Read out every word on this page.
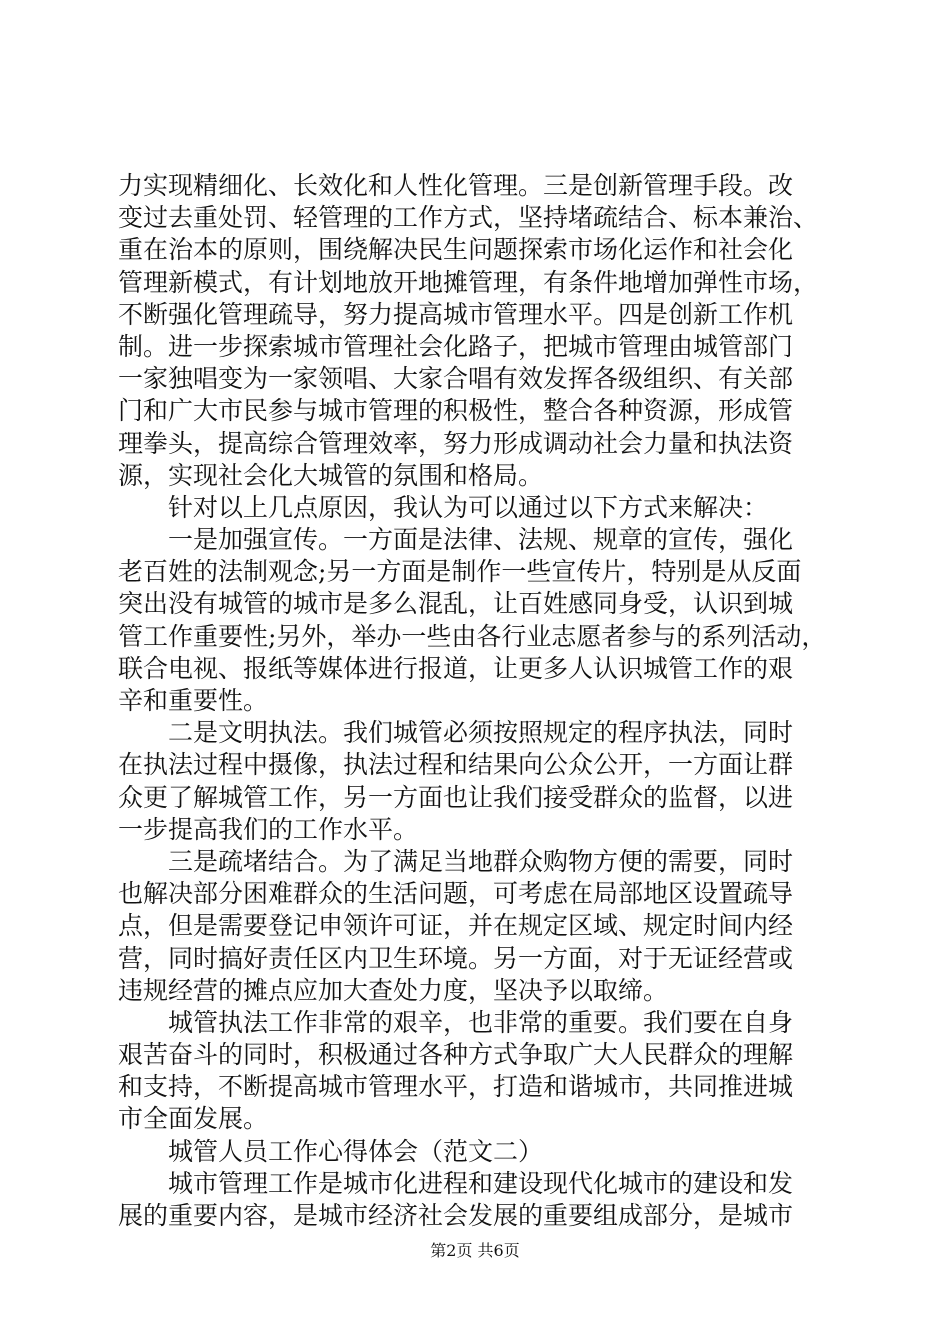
力实现精细化、长效化和人性化管理。三是创新管理手段。改
变过去重处罚、轻管理的工作方式，坚持堵疏结合、标本兼治、
重在治本的原则，围绕解决民生问题探索市场化运作和社会化
管理新模式，有计划地放开地摊管理，有条件地增加弹性市场，
不断强化管理疏导，努力提高城市管理水平。四是创新工作机
制。进一步探索城市管理社会化路子，把城市管理由城管部门
一家独唱变为一家领唱、大家合唱有效发挥各级组织、有关部
门和广大市民参与城市管理的积极性，整合各种资源，形成管
理拳头，提高综合管理效率，努力形成调动社会力量和执法资
源，实现社会化大城管的氛围和格局。
针对以上几点原因，我认为可以通过以下方式来解决：
一是加强宣传。一方面是法律、法规、规章的宣传，强化
老百姓的法制观念;另一方面是制作一些宣传片，特别是从反面
突出没有城管的城市是多么混乱，让百姓感同身受，认识到城
管工作重要性;另外，举办一些由各行业志愿者参与的系列活动，
联合电视、报纸等媒体进行报道，让更多人认识城管工作的艰
辛和重要性。
二是文明执法。我们城管必须按照规定的程序执法，同时
在执法过程中摄像，执法过程和结果向公众公开，一方面让群
众更了解城管工作，另一方面也让我们接受群众的监督，以进
一步提高我们的工作水平。
三是疏堵结合。为了满足当地群众购物方便的需要，同时
也解决部分困难群众的生活问题，可考虑在局部地区设置疏导
点，但是需要登记申领许可证，并在规定区域、规定时间内经
营，同时搞好责任区内卫生环境。另一方面，对于无证经营或
违规经营的摊点应加大查处力度，坚决予以取缔。
城管执法工作非常的艰辛，也非常的重要。我们要在自身
艰苦奋斗的同时，积极通过各种方式争取广大人民群众的理解
和支持，不断提高城市管理水平，打造和谐城市，共同推进城
市全面发展。
城管人员工作心得体会（范文二）
城市管理工作是城市化进程和建设现代化城市的建设和发
展的重要内容，是城市经济社会发展的重要组成部分，是城市
第2页 共6页
